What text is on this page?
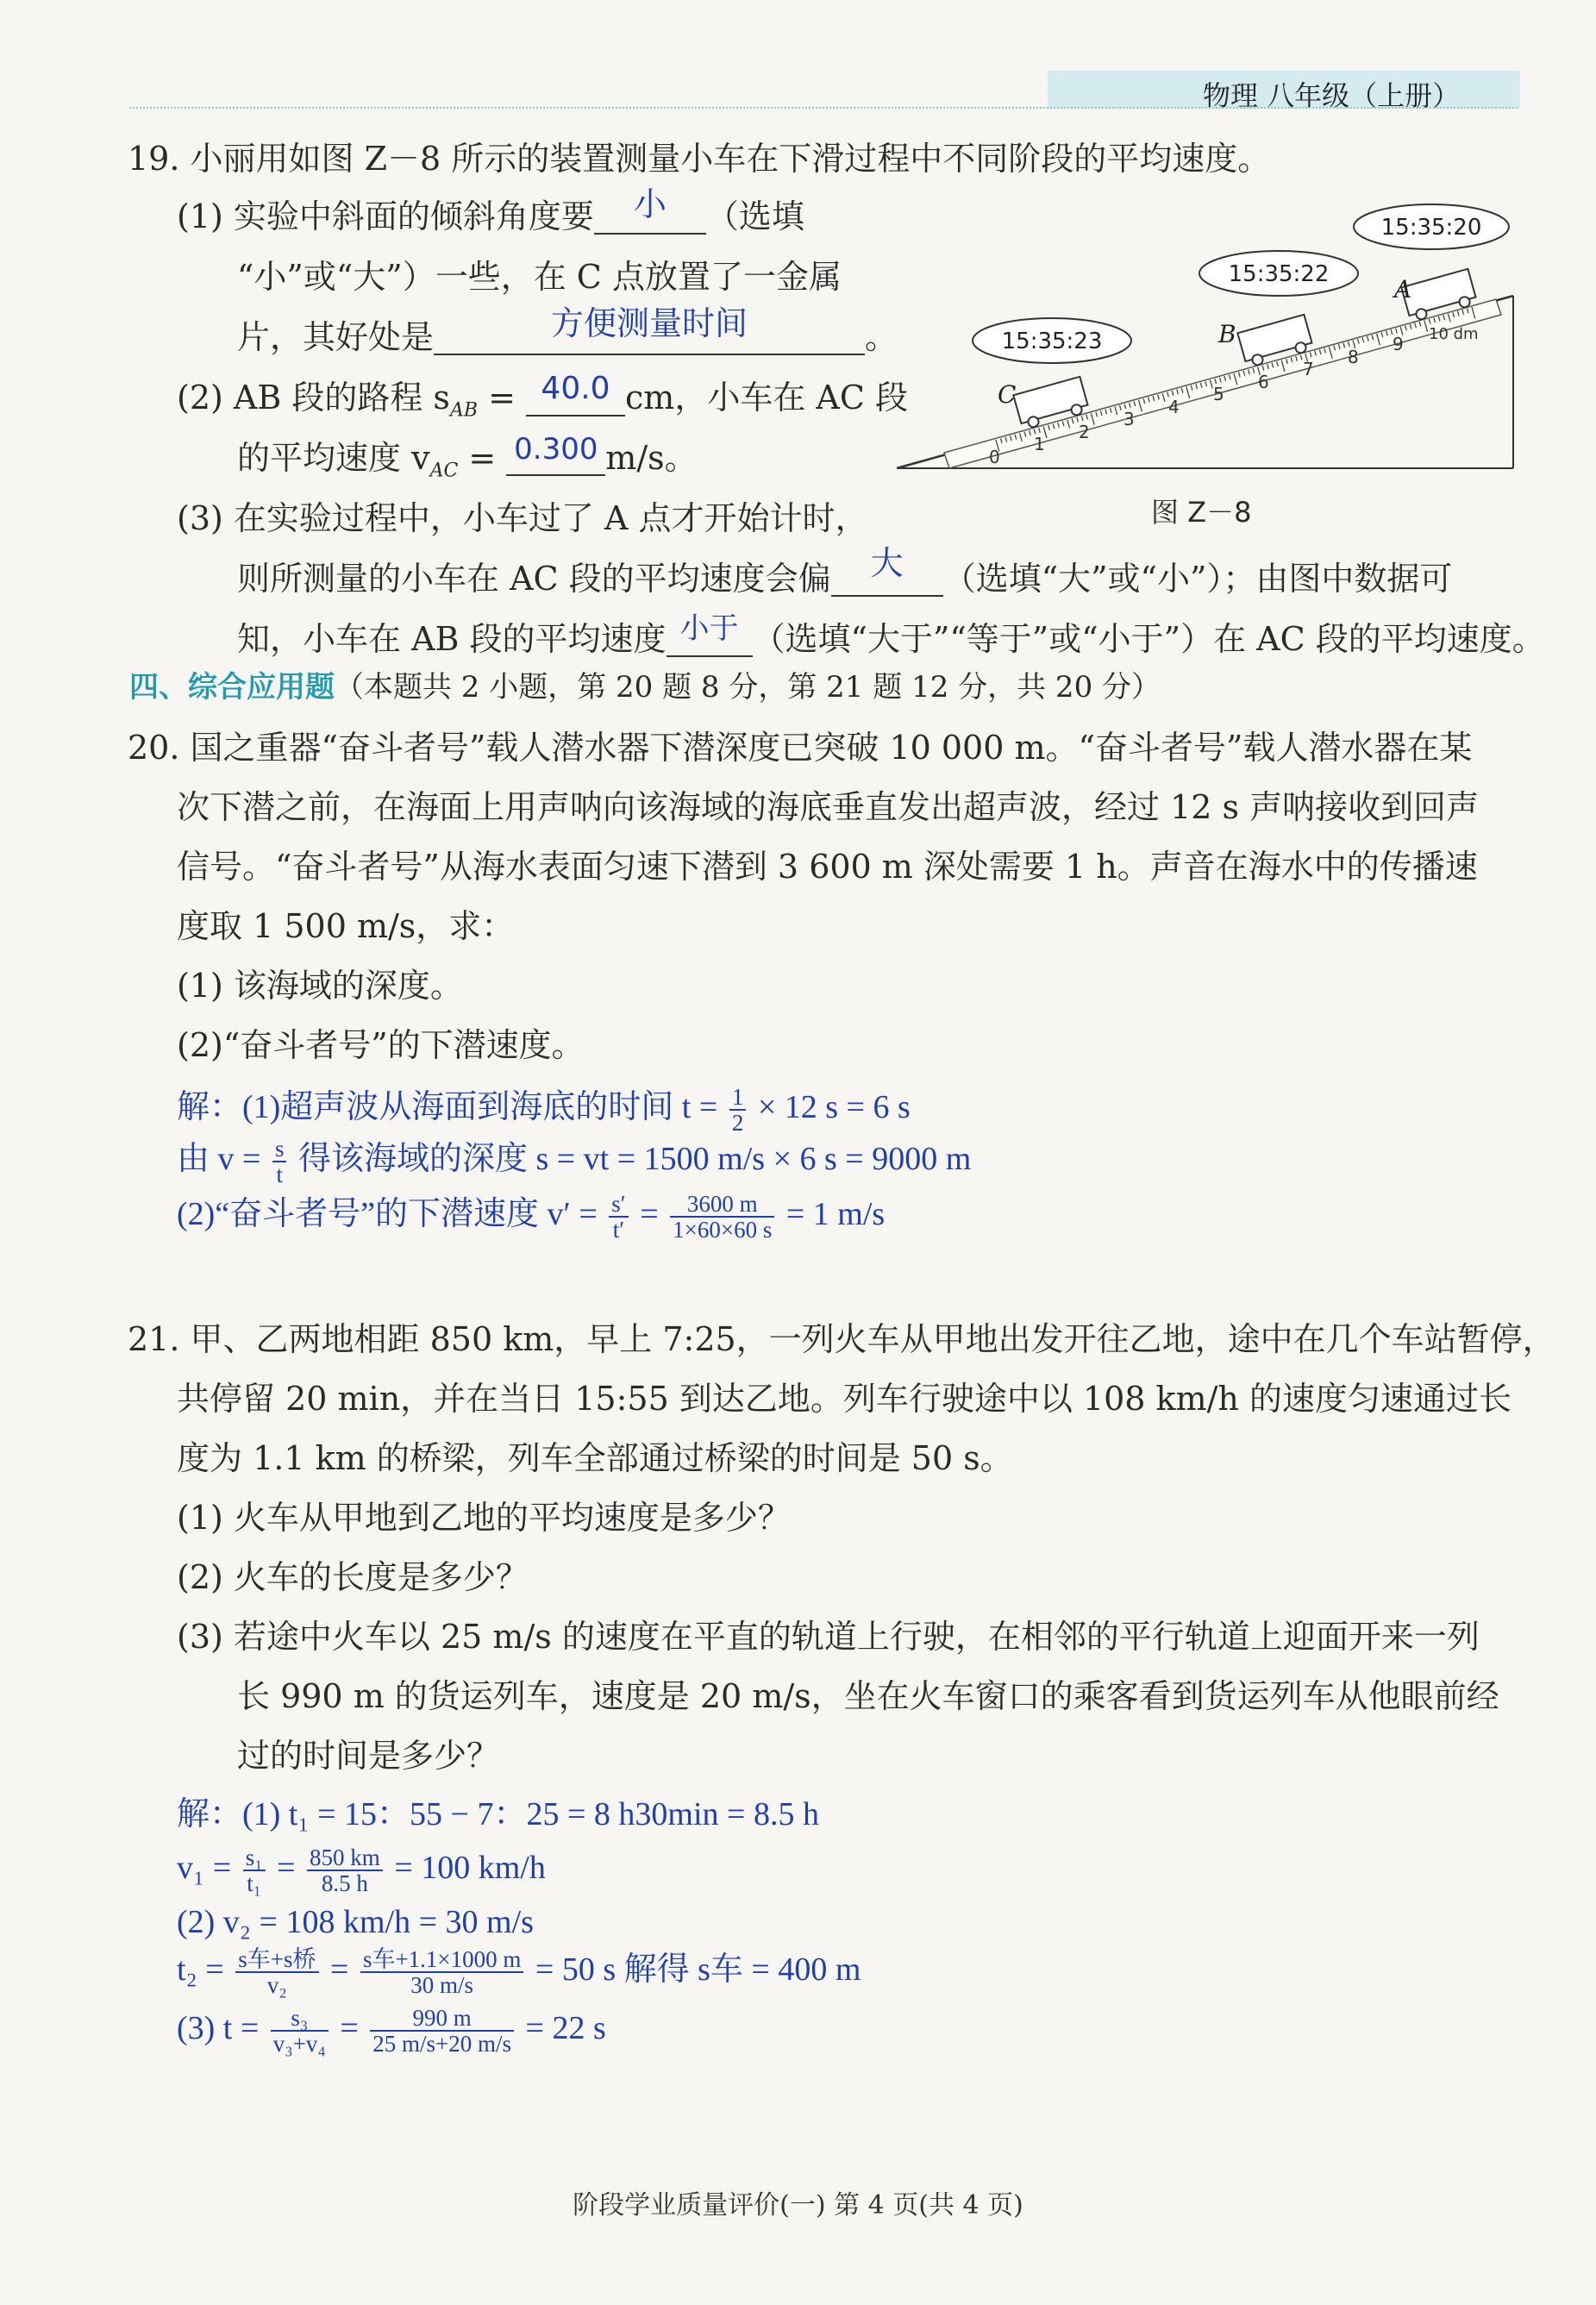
物理 八年级（上册）
19. 小丽用如图 Z－8 所示的装置测量小车在下滑过程中不同阶段的平均速度。
(1) 实验中斜面的倾斜角度要 小 （选填
“小”或“大”）一些，在 C 点放置了一金属
片，其好处是	方便测量时间	。
(2) AB 段的路程 $s_{AB} = 40.0$ cm，小车在 AC 段
的平均速度 $v_{AC} = 0.300$ m/s。
(3) 在实验过程中，小车过了 A 点才开始计时，
则所测量的小车在 AC 段的平均速度会偏 大 （选填“大”或“小”）；由图中数据可
知，小车在 AB 段的平均速度 小于 （选填“大于”“等于”或“小于”）在 AC 段的平均速度。
0
1
2
3
4
5
6
7
8
9 10 dm
C
B
A
15:35:23
15:35:22
15:35:20
图 Z－8
四、综合应用题（本题共 2 小题，第 20 题 8 分，第 21 题 12 分，共 20 分）
20. 国之重器“奋斗者号”载人潜水器下潜深度已突破 10 000 m。“奋斗者号”载人潜水器在某
次下潜之前，在海面上用声呐向该海域的海底垂直发出超声波，经过 12 s 声呐接收到回声
信号。“奋斗者号”从海水表面匀速下潜到 3 600 m 深处需要 1 h。声音在海水中的传播速
度取 1 500 m/s，求：
(1) 该海域的深度。
(2)“奋斗者号”的下潜速度。
解：(1)超声波从海面到海底的时间 $t = \frac{1}{2} \times 12$ s = 6 s
由 $v = \frac{s}{t}$ 得该海域的深度 s = vt = 1500 m/s × 6 s = 9000 m
(2)“奋斗者号”的下潜速度 $v' = \frac{s'}{t'} = \frac{3600 m}{1\times 60\times 60 s} = 1$ m/s
21. 甲、乙两地相距 850 km，早上 7:25，一列火车从甲地出发开往乙地，途中在几个车站暂停，
共停留 20 min，并在当日 15:55 到达乙地。列车行驶途中以 108 km/h 的速度匀速通过长
度为 1.1 km 的桥梁，列车全部通过桥梁的时间是 50 s。
(1) 火车从甲地到乙地的平均速度是多少？
(2) 火车的长度是多少？
(3) 若途中火车以 25 m/s 的速度在平直的轨道上行驶，在相邻的平行轨道上迎面开来一列
长 990 m 的货运列车，速度是 20 m/s，坐在火车窗口的乘客看到货运列车从他眼前经
过的时间是多少？
解：(1) t₁ = 15：55 − 7：25 = 8 h30min = 8.5 h
$v_1 = \frac{\text{s₁}}{\text{t₁}} = \frac{850 km}{8.5 h} = 100$ km/h
(2) v₂ = 108 km/h = 30 m/s
$t_2 = \frac{\text{s车+s桥}}{\text{v₂}} = \frac{\text{s车+1.1×1000 m}}{30 m/s} = 50$ s 解得 s车 = 400 m
(3) $t = \frac{\text{s₃}}{\text{v₃+v₄}} = \frac{990 m}{25 m/s+20 m/s} = 22$ s
阶段学业质量评价(一) 第 4 页(共 4 页)
